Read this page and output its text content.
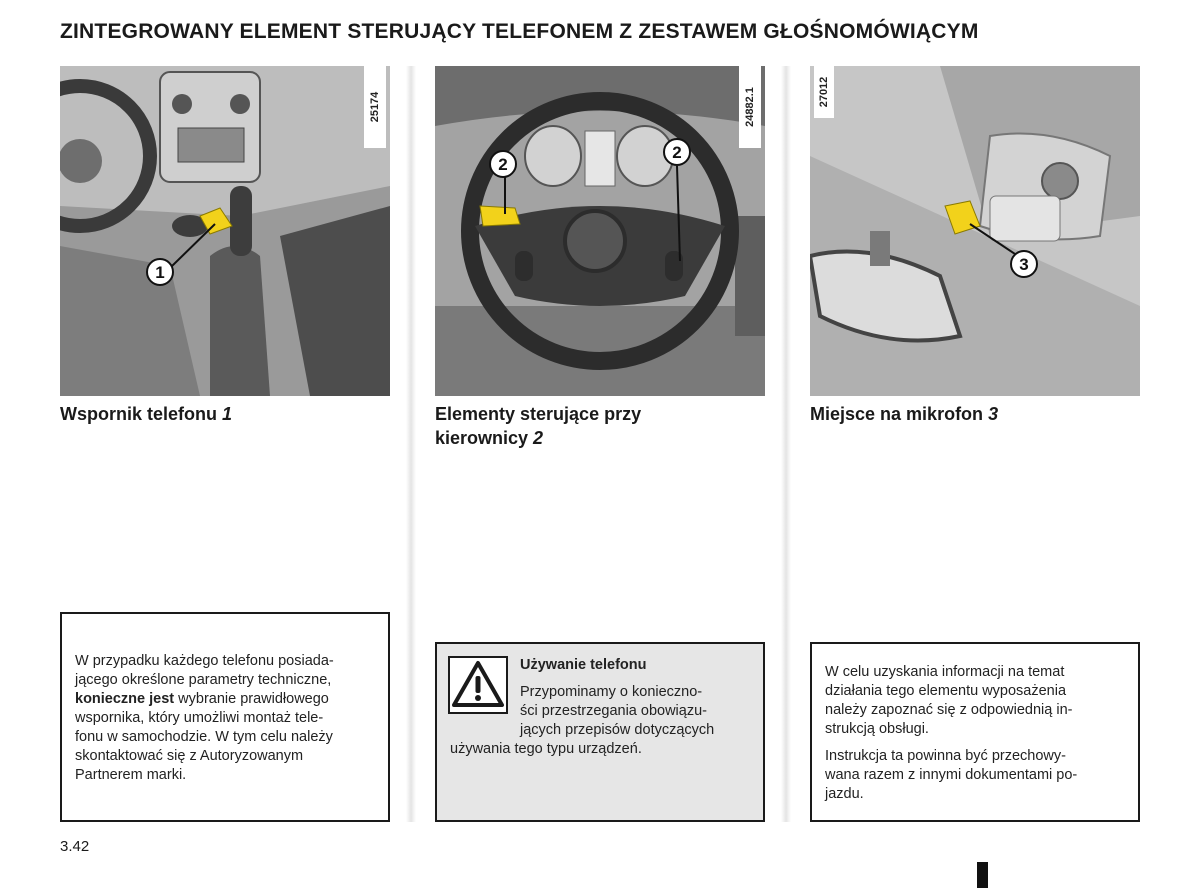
ZINTEGROWANY ELEMENT STERUJĄCY TELEFONEM Z ZESTAWEM GŁOŚNOMÓWIĄCYM
1
25174
Wspornik telefonu 1

W przypadku każdego telefonu posiada-

jącego określone parametry techniczne,

konieczne jest wybranie prawidłowego

wspornika, który umożliwi montaż tele-

fonu w samochodzie. W tym celu należy

skontaktować się z Autoryzowanym

Partnerem marki.

2
2
24882.1
Elementy sterujące przy
kierownicy 2

Używanie telefonu

Przypominamy o konieczno-

ści przestrzegania obowiązu-

jących przepisów dotyczących

używania tego typu urządzeń.

3
27012
Miejsce na mikrofon 3

W celu uzyskania informacji na temat

działania tego elementu wyposażenia

należy zapoznać się z odpowiednią in-

strukcją obsługi.

Instrukcja ta powinna być przechowy-

wana razem z innymi dokumentami po-

jazdu.

3.42
